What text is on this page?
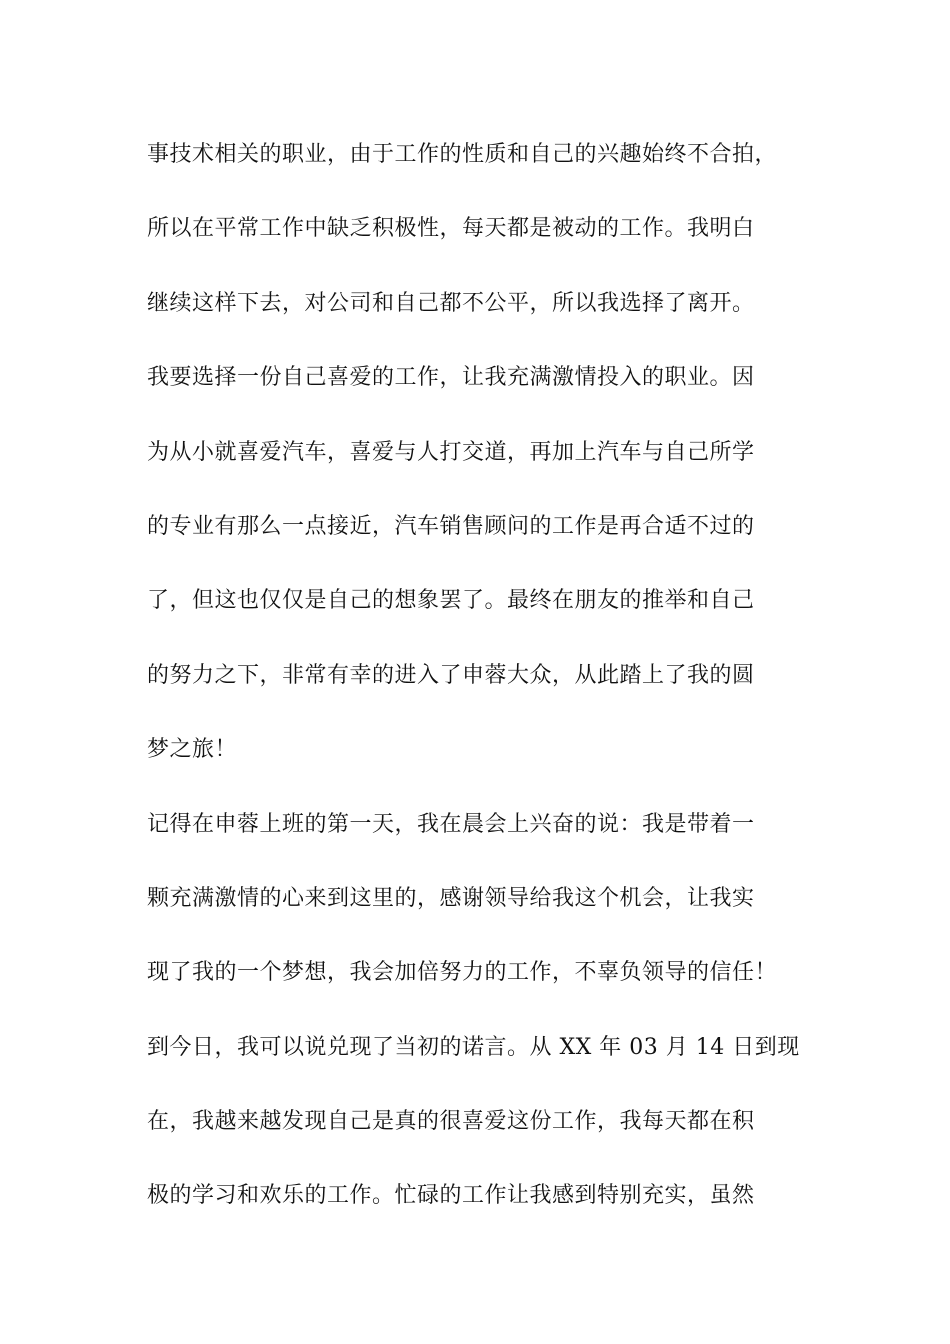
事技术相关的职业，由于工作的性质和自己的兴趣始终不合拍，
所以在平常工作中缺乏积极性，每天都是被动的工作。我明白
继续这样下去，对公司和自己都不公平，所以我选择了离开。
我要选择一份自己喜爱的工作，让我充满激情投入的职业。因
为从小就喜爱汽车，喜爱与人打交道，再加上汽车与自己所学
的专业有那么一点接近，汽车销售顾问的工作是再合适不过的
了，但这也仅仅是自己的想象罢了。最终在朋友的推举和自己
的努力之下，非常有幸的进入了申蓉大众，从此踏上了我的圆
梦之旅！
记得在申蓉上班的第一天，我在晨会上兴奋的说：我是带着一
颗充满激情的心来到这里的，感谢领导给我这个机会，让我实
现了我的一个梦想，我会加倍努力的工作，不辜负领导的信任！
到今日，我可以说兑现了当初的诺言。从 XX 年 03 月 14 日到现
在，我越来越发现自己是真的很喜爱这份工作，我每天都在积
极的学习和欢乐的工作。忙碌的工作让我感到特别充实，虽然
